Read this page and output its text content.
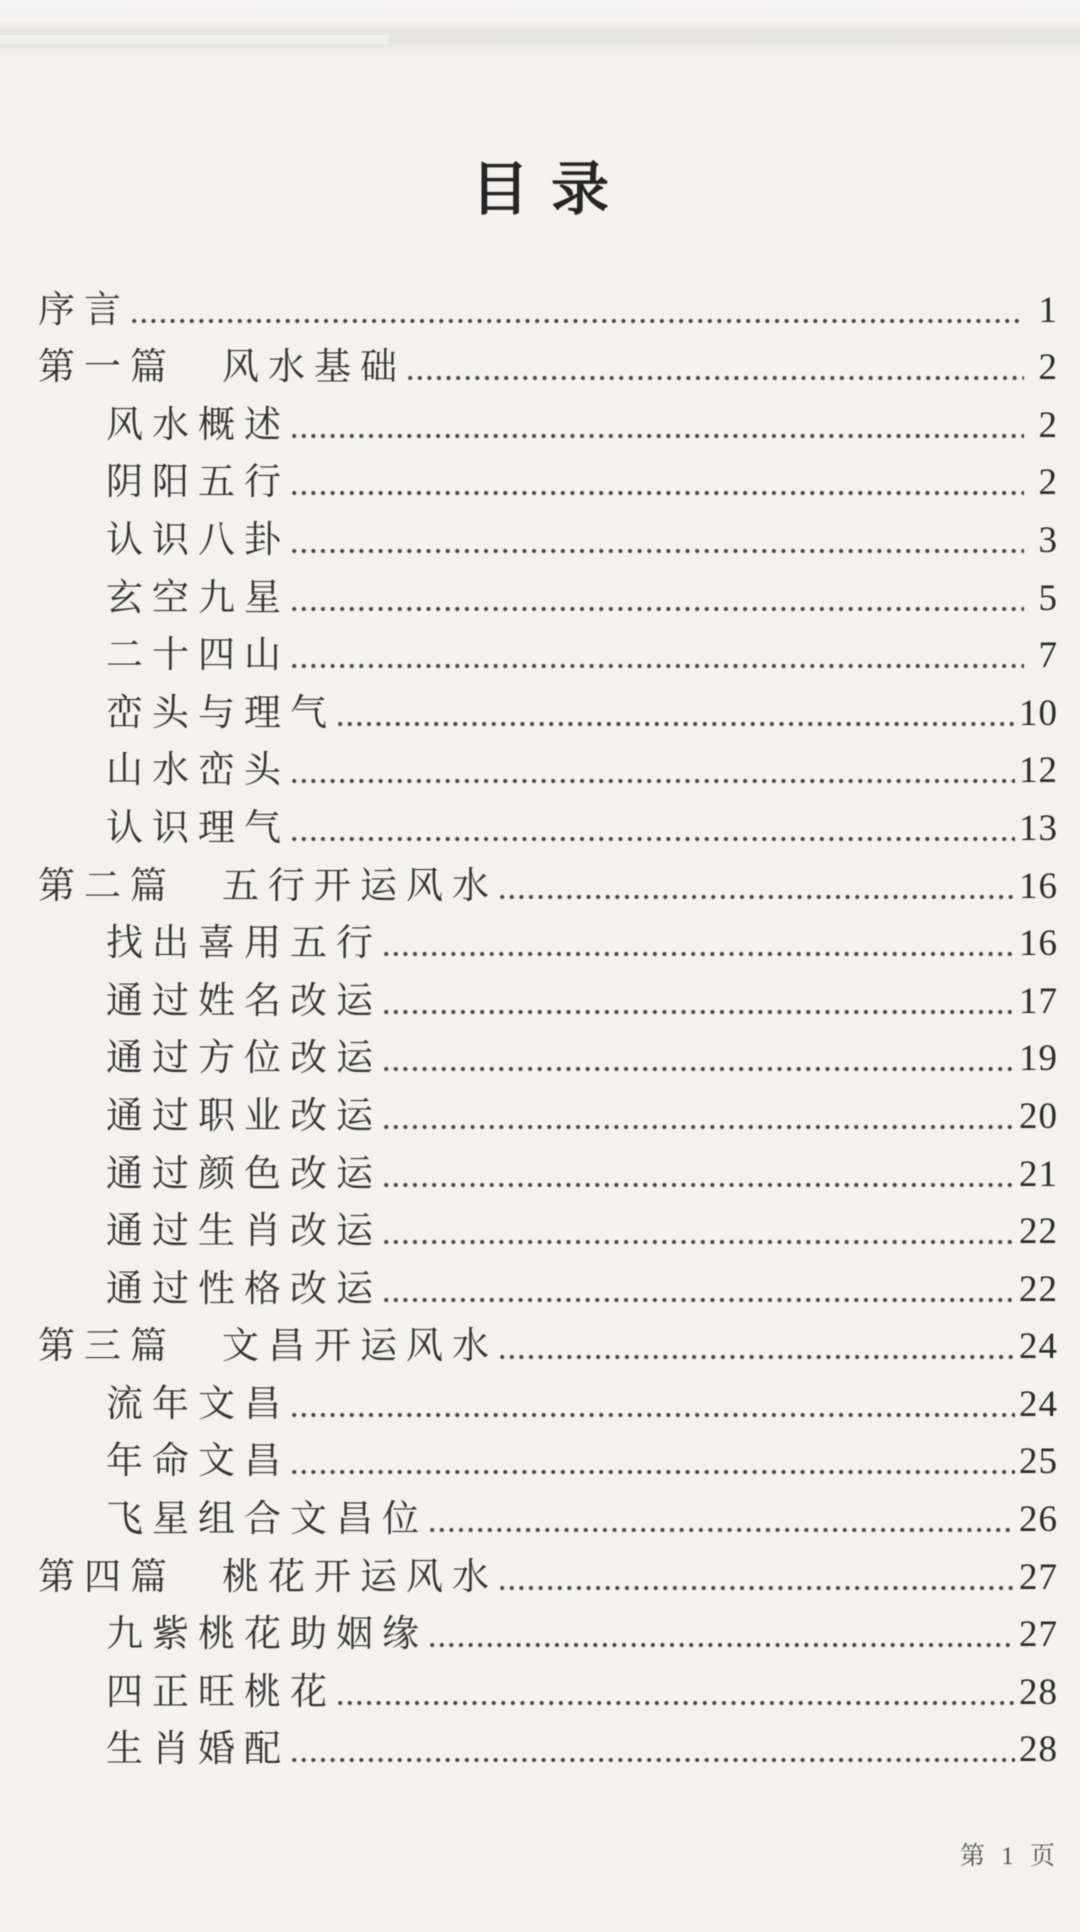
目录
序言	1
第一篇　风水基础	2
风水概述	2
阴阳五行	2
认识八卦	3
玄空九星	5
二十四山	7
峦头与理气	10
山水峦头	12
认识理气	13
第二篇　五行开运风水	16
找出喜用五行	16
通过姓名改运	17
通过方位改运	19
通过职业改运	20
通过颜色改运	21
通过生肖改运	22
通过性格改运	22
第三篇　文昌开运风水	24
流年文昌	24
年命文昌	25
飞星组合文昌位	26
第四篇　桃花开运风水	27
九紫桃花助姻缘	27
四正旺桃花	28
生肖婚配	28
第 1 页
